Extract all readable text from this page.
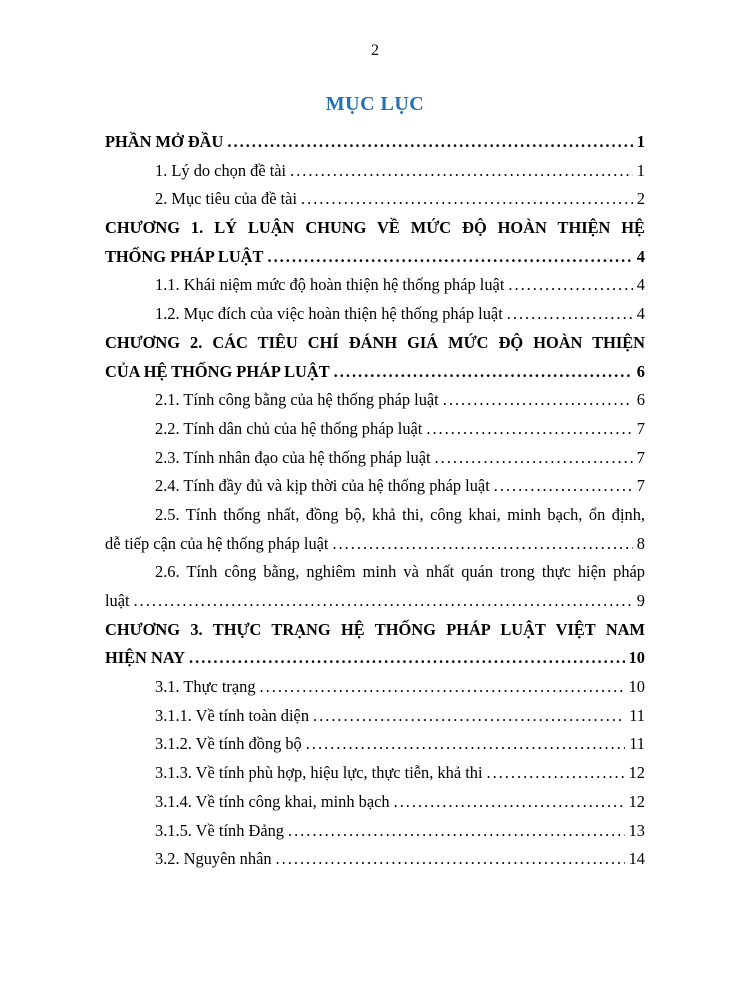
2
MỤC LỤC
PHẦN MỞ ĐẦU .....	1
1. Lý do chọn đề tài .....	1
2. Mục tiêu của đề tài .....	2
CHƯƠNG 1. LÝ LUẬN CHUNG VỀ MỨC ĐỘ HOÀN THIỆN HỆ
THỐNG PHÁP LUẬT .....	4
1.1. Khái niệm mức độ hoàn thiện hệ thống pháp luật .....	4
1.2. Mục đích của việc hoàn thiện hệ thống pháp luật .....	4
CHƯƠNG 2. CÁC TIÊU CHÍ ĐÁNH GIÁ MỨC ĐỘ HOÀN THIỆN
CỦA HỆ THỐNG PHÁP LUẬT .....	6
2.1. Tính công bằng của hệ thống pháp luật .....	6
2.2. Tính dân chủ của hệ thống pháp luật .....	7
2.3. Tính nhân đạo của hệ thống pháp luật .....	7
2.4. Tính đầy đủ và kịp thời của hệ thống pháp luật .....	7
2.5. Tính thống nhất, đồng bộ, khả thi, công khai, minh bạch, ổn định,
dễ tiếp cận của hệ thống pháp luật .....	8
2.6. Tính công bằng, nghiêm minh và nhất quán trong thực hiện pháp
luật .....	9
CHƯƠNG 3. THỰC TRẠNG HỆ THỐNG PHÁP LUẬT VIỆT NAM
HIỆN NAY .....	10
3.1. Thực trạng .....	10
3.1.1. Về tính toàn diện .....	11
3.1.2. Về tính đồng bộ .....	11
3.1.3. Về tính phù hợp, hiệu lực, thực tiễn, khả thi .....	12
3.1.4. Về tính công khai, minh bạch .....	12
3.1.5. Về tính Đảng .....	13
3.2. Nguyên nhân .....	14
